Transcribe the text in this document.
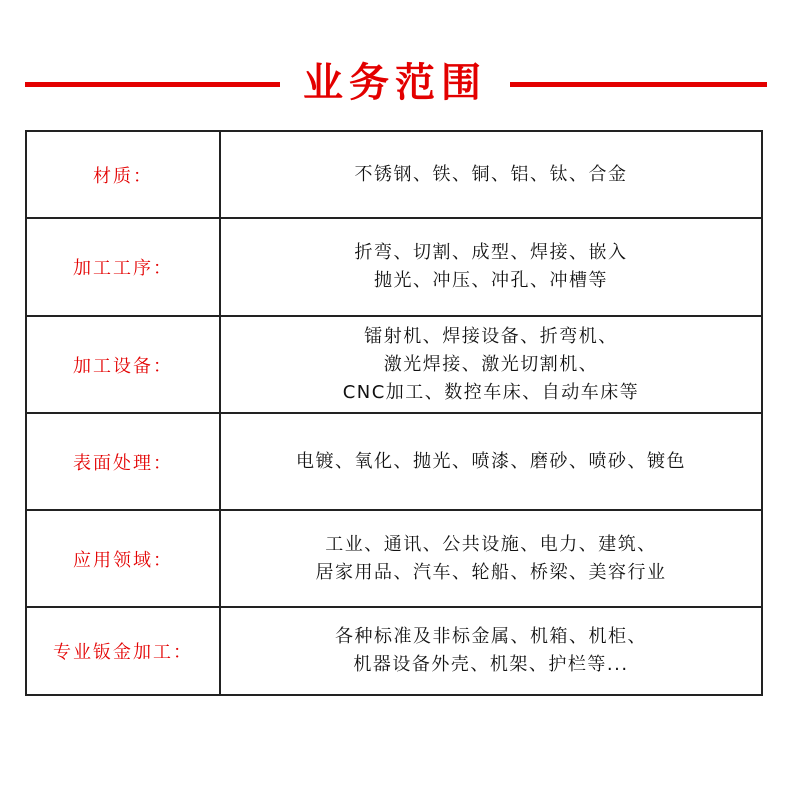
业务范围
材质：	不锈钢、铁、铜、铝、钛、合金
加工工序：
折弯、切割、成型、焊接、嵌入
抛光、冲压、冲孔、冲槽等
加工设备：
镭射机、焊接设备、折弯机、
激光焊接、激光切割机、
CNC加工、数控车床、自动车床等
表面处理：	电镀、氧化、抛光、喷漆、磨砂、喷砂、镀色
应用领域：
工业、通讯、公共设施、电力、建筑、
居家用品、汽车、轮船、桥梁、美容行业
专业钣金加工：
各种标准及非标金属、机箱、机柜、
机器设备外壳、机架、护栏等...
